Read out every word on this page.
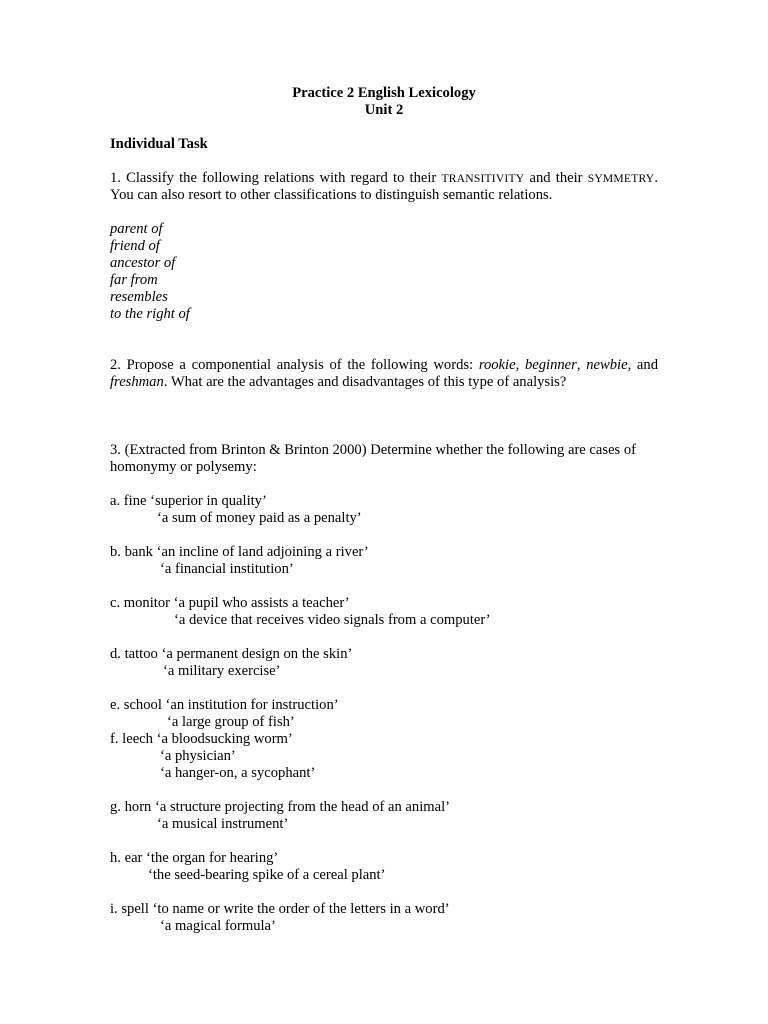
Practice 2 English Lexicology
Unit 2
Individual Task
1. Classify the following relations with regard to their TRANSITIVITY and their SYMMETRY. You can also resort to other classifications to distinguish semantic relations.
parent of
friend of
ancestor of
far from
resembles
to the right of
2. Propose a componential analysis of the following words: rookie, beginner, newbie, and freshman. What are the advantages and disadvantages of this type of analysis?
3. (Extracted from Brinton & Brinton 2000) Determine whether the following are cases of homonymy or polysemy:
a. fine ‘superior in quality’
‘a sum of money paid as a penalty’
b. bank ‘an incline of land adjoining a river’
‘a financial institution’
c. monitor ‘a pupil who assists a teacher’
‘a device that receives video signals from a computer’
d. tattoo ‘a permanent design on the skin’
‘a military exercise’
e. school ‘an institution for instruction’
‘a large group of fish’
f. leech ‘a bloodsucking worm’
‘a physician’
‘a hanger-on, a sycophant’
g. horn ‘a structure projecting from the head of an animal’
‘a musical instrument’
h. ear ‘the organ for hearing’
‘the seed-bearing spike of a cereal plant’
i. spell ‘to name or write the order of the letters in a word’
‘a magical formula’
